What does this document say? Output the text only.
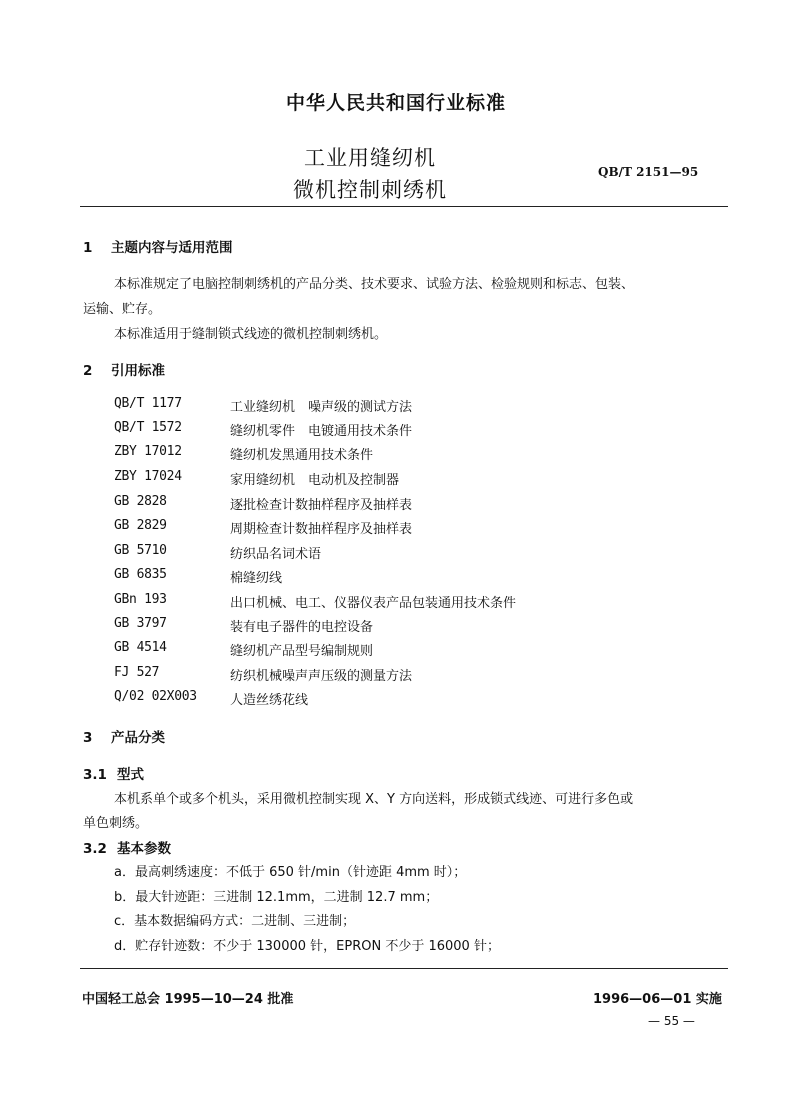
中华人民共和国行业标准
工业用缝纫机
微机控制刺绣机
QB/T 2151—95
1 主题内容与适用范围
本标准规定了电脑控制刺绣机的产品分类、技术要求、试验方法、检验规则和标志、包装、
运输、贮存。
本标准适用于缝制锁式线迹的微机控制刺绣机。
2 引用标准
QB/T 1177	工业缝纫机　噪声级的测试方法
QB/T 1572	缝纫机零件　电镀通用技术条件
ZBY 17012	缝纫机发黑通用技术条件
ZBY 17024	家用缝纫机　电动机及控制器
GB 2828	逐批检查计数抽样程序及抽样表
GB 2829	周期检查计数抽样程序及抽样表
GB 5710	纺织品名词术语
GB 6835	棉缝纫线
GBn 193	出口机械、电工、仪器仪表产品包装通用技术条件
GB 3797	装有电子器件的电控设备
GB 4514	缝纫机产品型号编制规则
FJ 527	纺织机械噪声声压级的测量方法
Q/02 02X003	人造丝绣花线
3 产品分类
3.1 型式
本机系单个或多个机头，采用微机控制实现 X、Y 方向送料，形成锁式线迹、可进行多色或
单色刺绣。
3.2 基本参数
a．最高刺绣速度：不低于 650 针/min（针迹距 4mm 时）；
b．最大针迹距：三进制 12.1mm，二进制 12.7 mm；
c．基本数据编码方式：二进制、三进制；
d．贮存针迹数：不少于 130000 针，EPRON 不少于 16000 针；
中国轻工总会 1995—10—24 批准	1996—06—01 实施
— 55 —
